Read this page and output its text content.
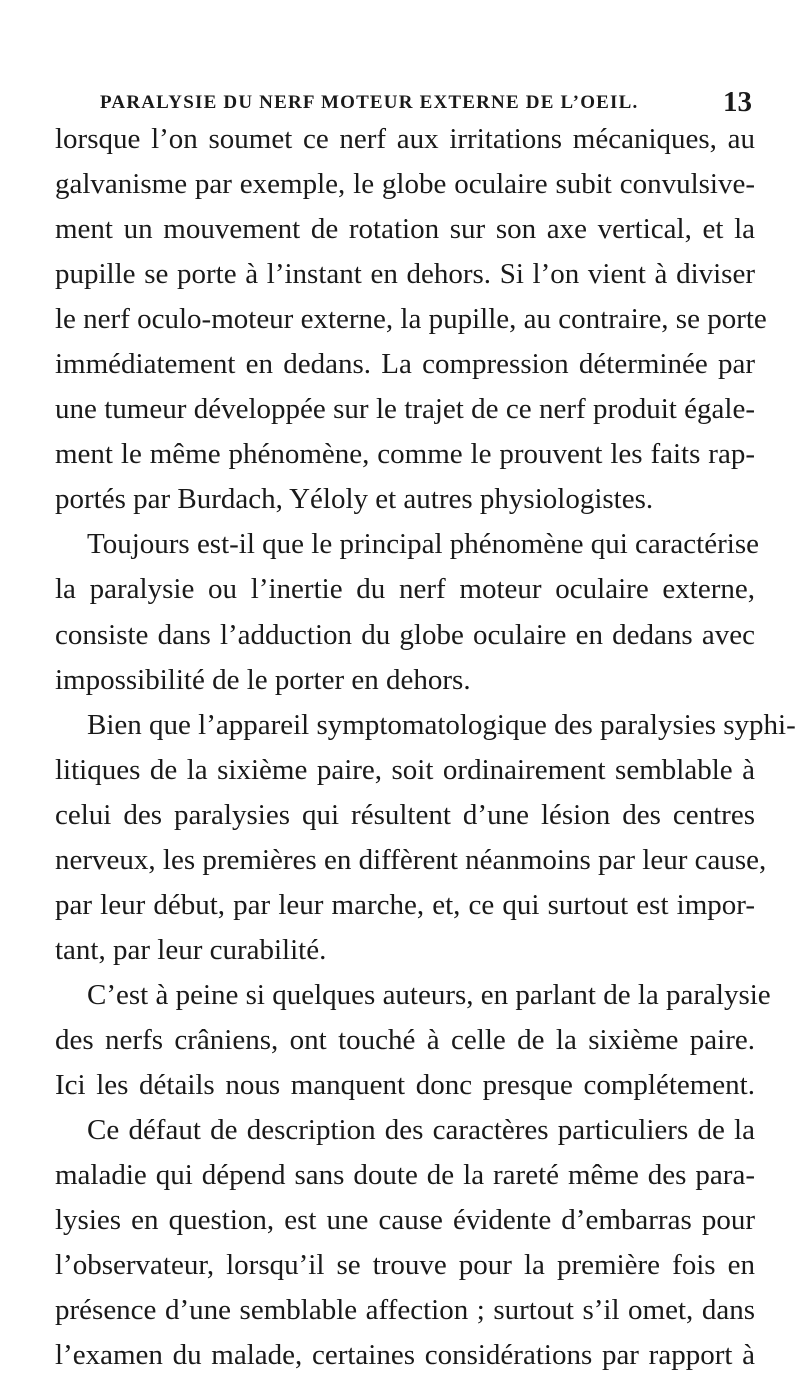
PARALYSIE DU NERF MOTEUR EXTERNE DE L’OEIL.	13
lorsque l’on soumet ce nerf aux irritations mécaniques, au
galvanisme par exemple, le globe oculaire subit convulsive-
ment un mouvement de rotation sur son axe vertical, et la
pupille se porte à l’instant en dehors. Si l’on vient à diviser
le nerf oculo-moteur externe, la pupille, au contraire, se porte
immédiatement en dedans. La compression déterminée par
une tumeur développée sur le trajet de ce nerf produit égale-
ment le même phénomène, comme le prouvent les faits rap-
portés par Burdach, Yéloly et autres physiologistes.
Toujours est-il que le principal phénomène qui caractérise
la paralysie ou l’inertie du nerf moteur oculaire externe,
consiste dans l’adduction du globe oculaire en dedans avec
impossibilité de le porter en dehors.
Bien que l’appareil symptomatologique des paralysies syphi-
litiques de la sixième paire, soit ordinairement semblable à
celui des paralysies qui résultent d’une lésion des centres
nerveux, les premières en diffèrent néanmoins par leur cause,
par leur début, par leur marche, et, ce qui surtout est impor-
tant, par leur curabilité.
C’est à peine si quelques auteurs, en parlant de la paralysie
des nerfs crâniens, ont touché à celle de la sixième paire.
Ici les détails nous manquent donc presque complétement.
Ce défaut de description des caractères particuliers de la
maladie qui dépend sans doute de la rareté même des para-
lysies en question, est une cause évidente d’embarras pour
l’observateur, lorsqu’il se trouve pour la première fois en
présence d’une semblable affection ; surtout s’il omet, dans
l’examen du malade, certaines considérations par rapport à
